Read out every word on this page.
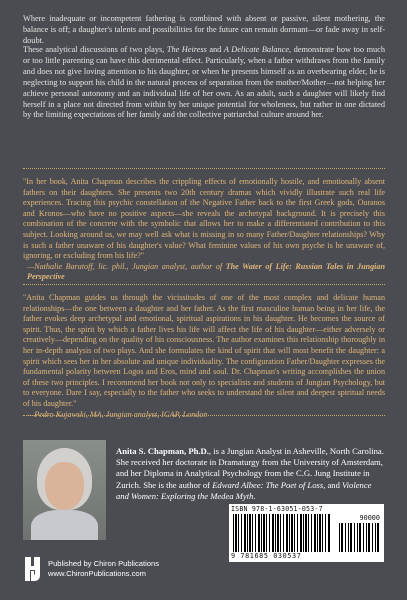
Where inadequate or incompetent fathering is combined with absent or passive, silent mothering, the balance is off; a daughter's talents and possibilities for the future can remain dormant—or fade away in self-doubt.

These analytical discussions of two plays, The Heiress and A Delicate Balance, demonstrate how too much or too little parenting can have this detrimental effect. Particularly, when a father withdraws from the family and does not give loving attention to his daughter, or when he presents himself as an overbearing elder, he is neglecting to support his child in the natural process of separation from the mother/Mother—not helping her achieve personal autonomy and an individual life of her own. As an adult, such a daughter will likely find herself in a place not directed from within by her unique potential for wholeness, but rather in one dictated by the limiting expectations of her family and the collective patriarchal culture around her.

"In her book, Anita Chapman describes the crippling effects of emotionally hostile, and emotionally absent fathers on their daughters. She presents two 20th century dramas which vividly illustrate such real life experiences. Tracing this psychic constellation of the Negative Father back to the first Greek gods, Ouranos and Kronos—who have no positive aspects—she reveals the archetypal background. It is precisely this combination of the concrete with the symbolic that allows her to make a differentiated contribution to this subject. Looking around us, we may well ask what is missing in so many Father/Daughter relationships? Why is such a father unaware of his daughter's value? What feminine values of his own psyche is he unaware of, ignoring, or excluding from his life?"
—Nathalie Baratoff, lic. phil., Jungian analyst, author of The Water of Life: Russian Tales in Jungian Perspective

"Anita Chapman guides us through the vicissitudes of one of the most complex and delicate human relationships—the one between a daughter and her father. As the first masculine human being in her life, the father evokes deep archetypal and emotional, spiritual aspirations in his daughter. He becomes the source of spirit. Thus, the spirit by which a father lives his life will affect the life of his daughter—either adversely or creatively—depending on the quality of his consciousness. The author examines this relationship thoroughly in her in-depth analysis of two plays. And she formulates the kind of spirit that will most benefit the daughter: a spirit which sees her in her absolute and unique individuality. The configuration Father/Daughter expresses the fundamental polarity between Logos and Eros, mind and soul. Dr. Chapman's writing accomplishes the union of these two principles. I recommend her book not only to specialists and students of Jungian Psychology, but to everyone. Dare I say, especially to the father who seeks to understand the silent and deepest spiritual needs of his daughter."
—Pedro Kujawski, MA, Jungian analyst, IGAP, London

Anita S. Chapman, Ph.D., is a Jungian Analyst in Asheville, North Carolina. She received her doctorate in Dramaturgy from the University of Amsterdam, and her Diploma in Analytical Psychology from the C.G. Jung Institute in Zurich. She is the author of Edward Albee: The Poet of Loss, and Violence and Women: Exploring the Medea Myth.

ISBN 978-1-63051-053-7
90000
9 781685 030537
Published by Chiron Publications
www.ChironPublications.com
